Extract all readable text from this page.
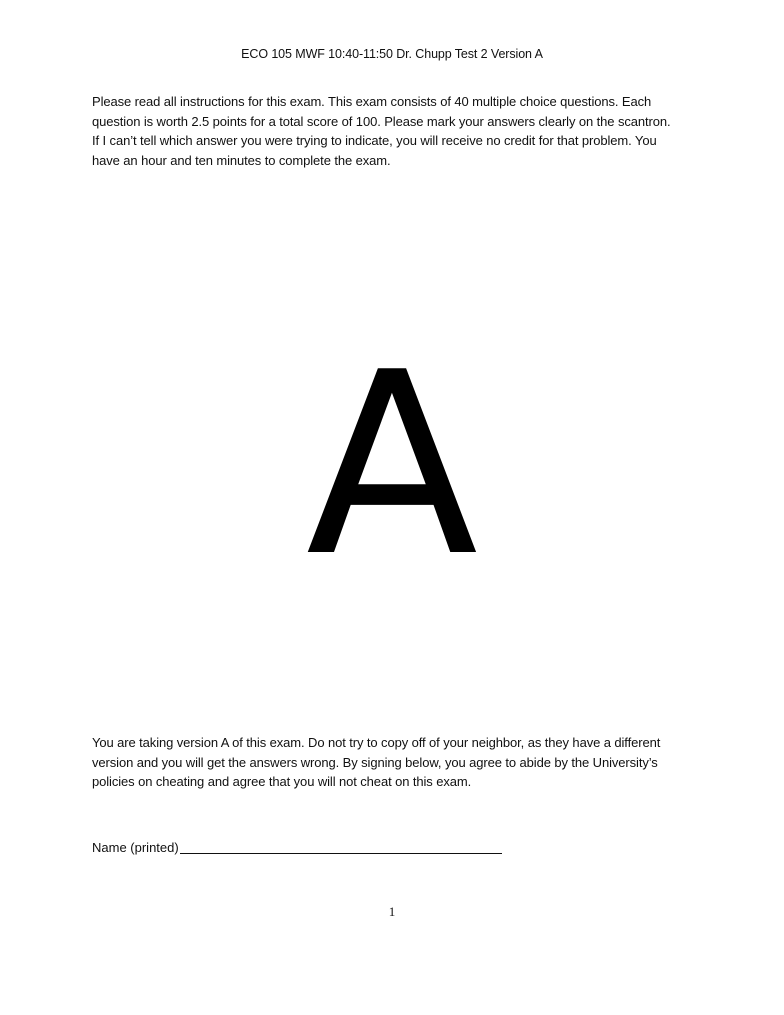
ECO 105 MWF 10:40-11:50 Dr. Chupp Test 2 Version A
Please read all instructions for this exam. This exam consists of 40 multiple choice questions. Each
question is worth 2.5 points for a total score of 100. Please mark your answers clearly on the scantron.
If I can’t tell which answer you were trying to indicate, you will receive no credit for that problem. You
have an hour and ten minutes to complete the exam.
A
You are taking version A of this exam. Do not try to copy off of your neighbor, as they have a different
version and you will get the answers wrong. By signing below, you agree to abide by the University’s
policies on cheating and agree that you will not cheat on this exam.
Name (printed)
1
